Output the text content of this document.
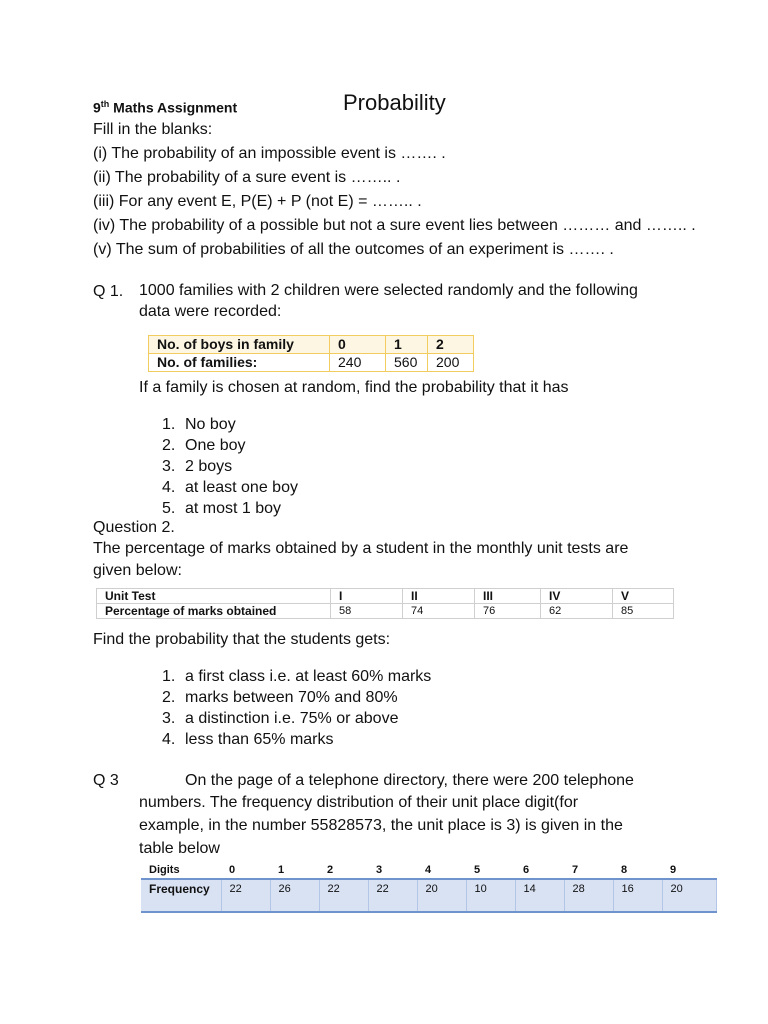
9th Maths Assignment	Probability
Fill in the blanks:
(i) The probability of an impossible event is ……. .
(ii) The probability of a sure event is …….. .
(iii) For any event E, P(E) + P (not E) = …….. .
(iv) The probability of a possible but not a sure event lies between ……… and …….. .
(v) The sum of probabilities of all the outcomes of an experiment is ……. .
Q 1. 1000 families with 2 children were selected randomly and the following
data were recorded:
No. of boys in family	0	1	2
No. of families:	240	560	200
If a family is chosen at random, find the probability that it has
1. No boy
2. One boy
3. 2 boys
4. at least one boy
5. at most 1 boy
Question 2.
The percentage of marks obtained by a student in the monthly unit tests are
given below:
Unit Test	I	II	III	IV	V
Percentage of marks obtained	58	74	76	62	85
Find the probability that the students gets:
1. a first class i.e. at least 60% marks
2. marks between 70% and 80%
3. a distinction i.e. 75% or above
4. less than 65% marks
Q 3	On the page of a telephone directory, there were 200 telephone
numbers. The frequency distribution of their unit place digit(for
example, in the number 55828573, the unit place is 3) is given in the
table below
Digits	0	1	2	3	4	5	6	7	8	9
Frequency	22	26	22	22	20	10	14	28	16	20
